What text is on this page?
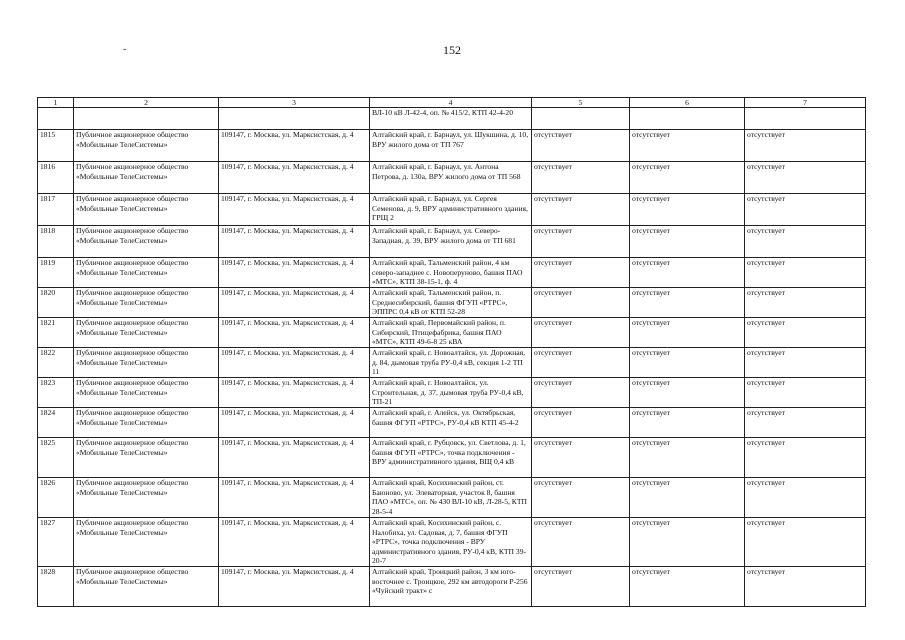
-	152
1	2	3	4	5	6	7
			ВЛ-10 кВ Л-42-4, оп. № 415/2, КТП 42-4-20			
1815	Публичное акционерное общество «Мобильные ТелеСистемы»	109147, г. Москва, ул. Марксистская, д. 4	Алтайский край, г. Барнаул, ул. Шукшина, д. 10, ВРУ жилого дома от ТП 767	отсутствует	отсутствует	отсутствует
1816	Публичное акционерное общество «Мобильные ТелеСистемы»	109147, г. Москва, ул. Марксистская, д. 4	Алтайский край, г. Барнаул, ул. Антона Петрова, д. 130а, ВРУ жилого дома от ТП 568	отсутствует	отсутствует	отсутствует
1817	Публичное акционерное общество «Мобильные ТелеСистемы»	109147, г. Москва, ул. Марксистская, д. 4	Алтайский край, г. Барнаул, ул. Сергея Семенова, д. 9, ВРУ административного здания, ГРЩ 2	отсутствует	отсутствует	отсутствует
1818	Публичное акционерное общество «Мобильные ТелеСистемы»	109147, г. Москва, ул. Марксистская, д. 4	Алтайский край, г. Барнаул, ул. Северо-Западная, д. 39, ВРУ жилого дома от ТП 681	отсутствует	отсутствует	отсутствует
1819	Публичное акционерное общество «Мобильные ТелеСистемы»	109147, г. Москва, ул. Марксистская, д. 4	Алтайский край, Тальменский район, 4 км северо-западнее с. Новоперуново, башня ПАО «МТС», КТП 38-15-1, ф. 4	отсутствует	отсутствует	отсутствует
1820	Публичное акционерное общество «Мобильные ТелеСистемы»	109147, г. Москва, ул. Марксистская, д. 4	Алтайский край, Тальменский район, п. Среднесибирский, башня ФГУП «РТРС», ЭППРС 0,4 кВ от КТП 52-28	отсутствует	отсутствует	отсутствует
1821	Публичное акционерное общество «Мобильные ТелеСистемы»	109147, г. Москва, ул. Марксистская, д. 4	Алтайский край, Первомайский район, п. Сибирский, Птицефабрика, башня ПАО «МТС», КТП 49-6-8 25 кВА	отсутствует	отсутствует	отсутствует
1822	Публичное акционерное общество «Мобильные ТелеСистемы»	109147, г. Москва, ул. Марксистская, д. 4	Алтайский край, г. Новоалтайск, ул. Дорожная, д. 84, дымовая труба РУ-0,4 кВ, секция 1-2 ТП 11	отсутствует	отсутствует	отсутствует
1823	Публичное акционерное общество «Мобильные ТелеСистемы»	109147, г. Москва, ул. Марксистская, д. 4	Алтайский край, г. Новоалтайск, ул. Строительная, д. 37, дымовая труба РУ-0,4 кВ, ТП-21	отсутствует	отсутствует	отсутствует
1824	Публичное акционерное общество «Мобильные ТелеСистемы»	109147, г. Москва, ул. Марксистская, д. 4	Алтайский край, г. Алейск, ул. Октябрьская, башня ФГУП «РТРС», РУ-0,4 кВ КТП 45-4-2	отсутствует	отсутствует	отсутствует
1825	Публичное акционерное общество «Мобильные ТелеСистемы»	109147, г. Москва, ул. Марксистская, д. 4	Алтайский край, г. Рубцовск, ул. Светлова, д. 1, башня ФГУП «РТРС», точка подключения - ВРУ административного здания, ВЩ 0,4 кВ	отсутствует	отсутствует	отсутствует
1826	Публичное акционерное общество «Мобильные ТелеСистемы»	109147, г. Москва, ул. Марксистская, д. 4	Алтайский край, Косихинский район, ст. Баюново, ул. Элеваторная, участок 8, башня ПАО «МТС», оп. № 430 ВЛ-10 кВ, Л-28-5, КТП 28-5-4	отсутствует	отсутствует	отсутствует
1827	Публичное акционерное общество «Мобильные ТелеСистемы»	109147, г. Москва, ул. Марксистская, д. 4	Алтайский край, Косихинский район, с. Налобиха, ул. Садовая, д. 7, башня ФГУП «РТРС», точка подключения - ВРУ административного здания, РУ-0,4 кВ, КТП 39-20-7	отсутствует	отсутствует	отсутствует
1828	Публичное акционерное общество «Мобильные ТелеСистемы»	109147, г. Москва, ул. Марксистская, д. 4	Алтайский край, Троицкий район, 3 км юго-восточнее с. Троицкое, 292 км автодороги Р-256 «Чуйский тракт» с	отсутствует	отсутствует	отсутствует
